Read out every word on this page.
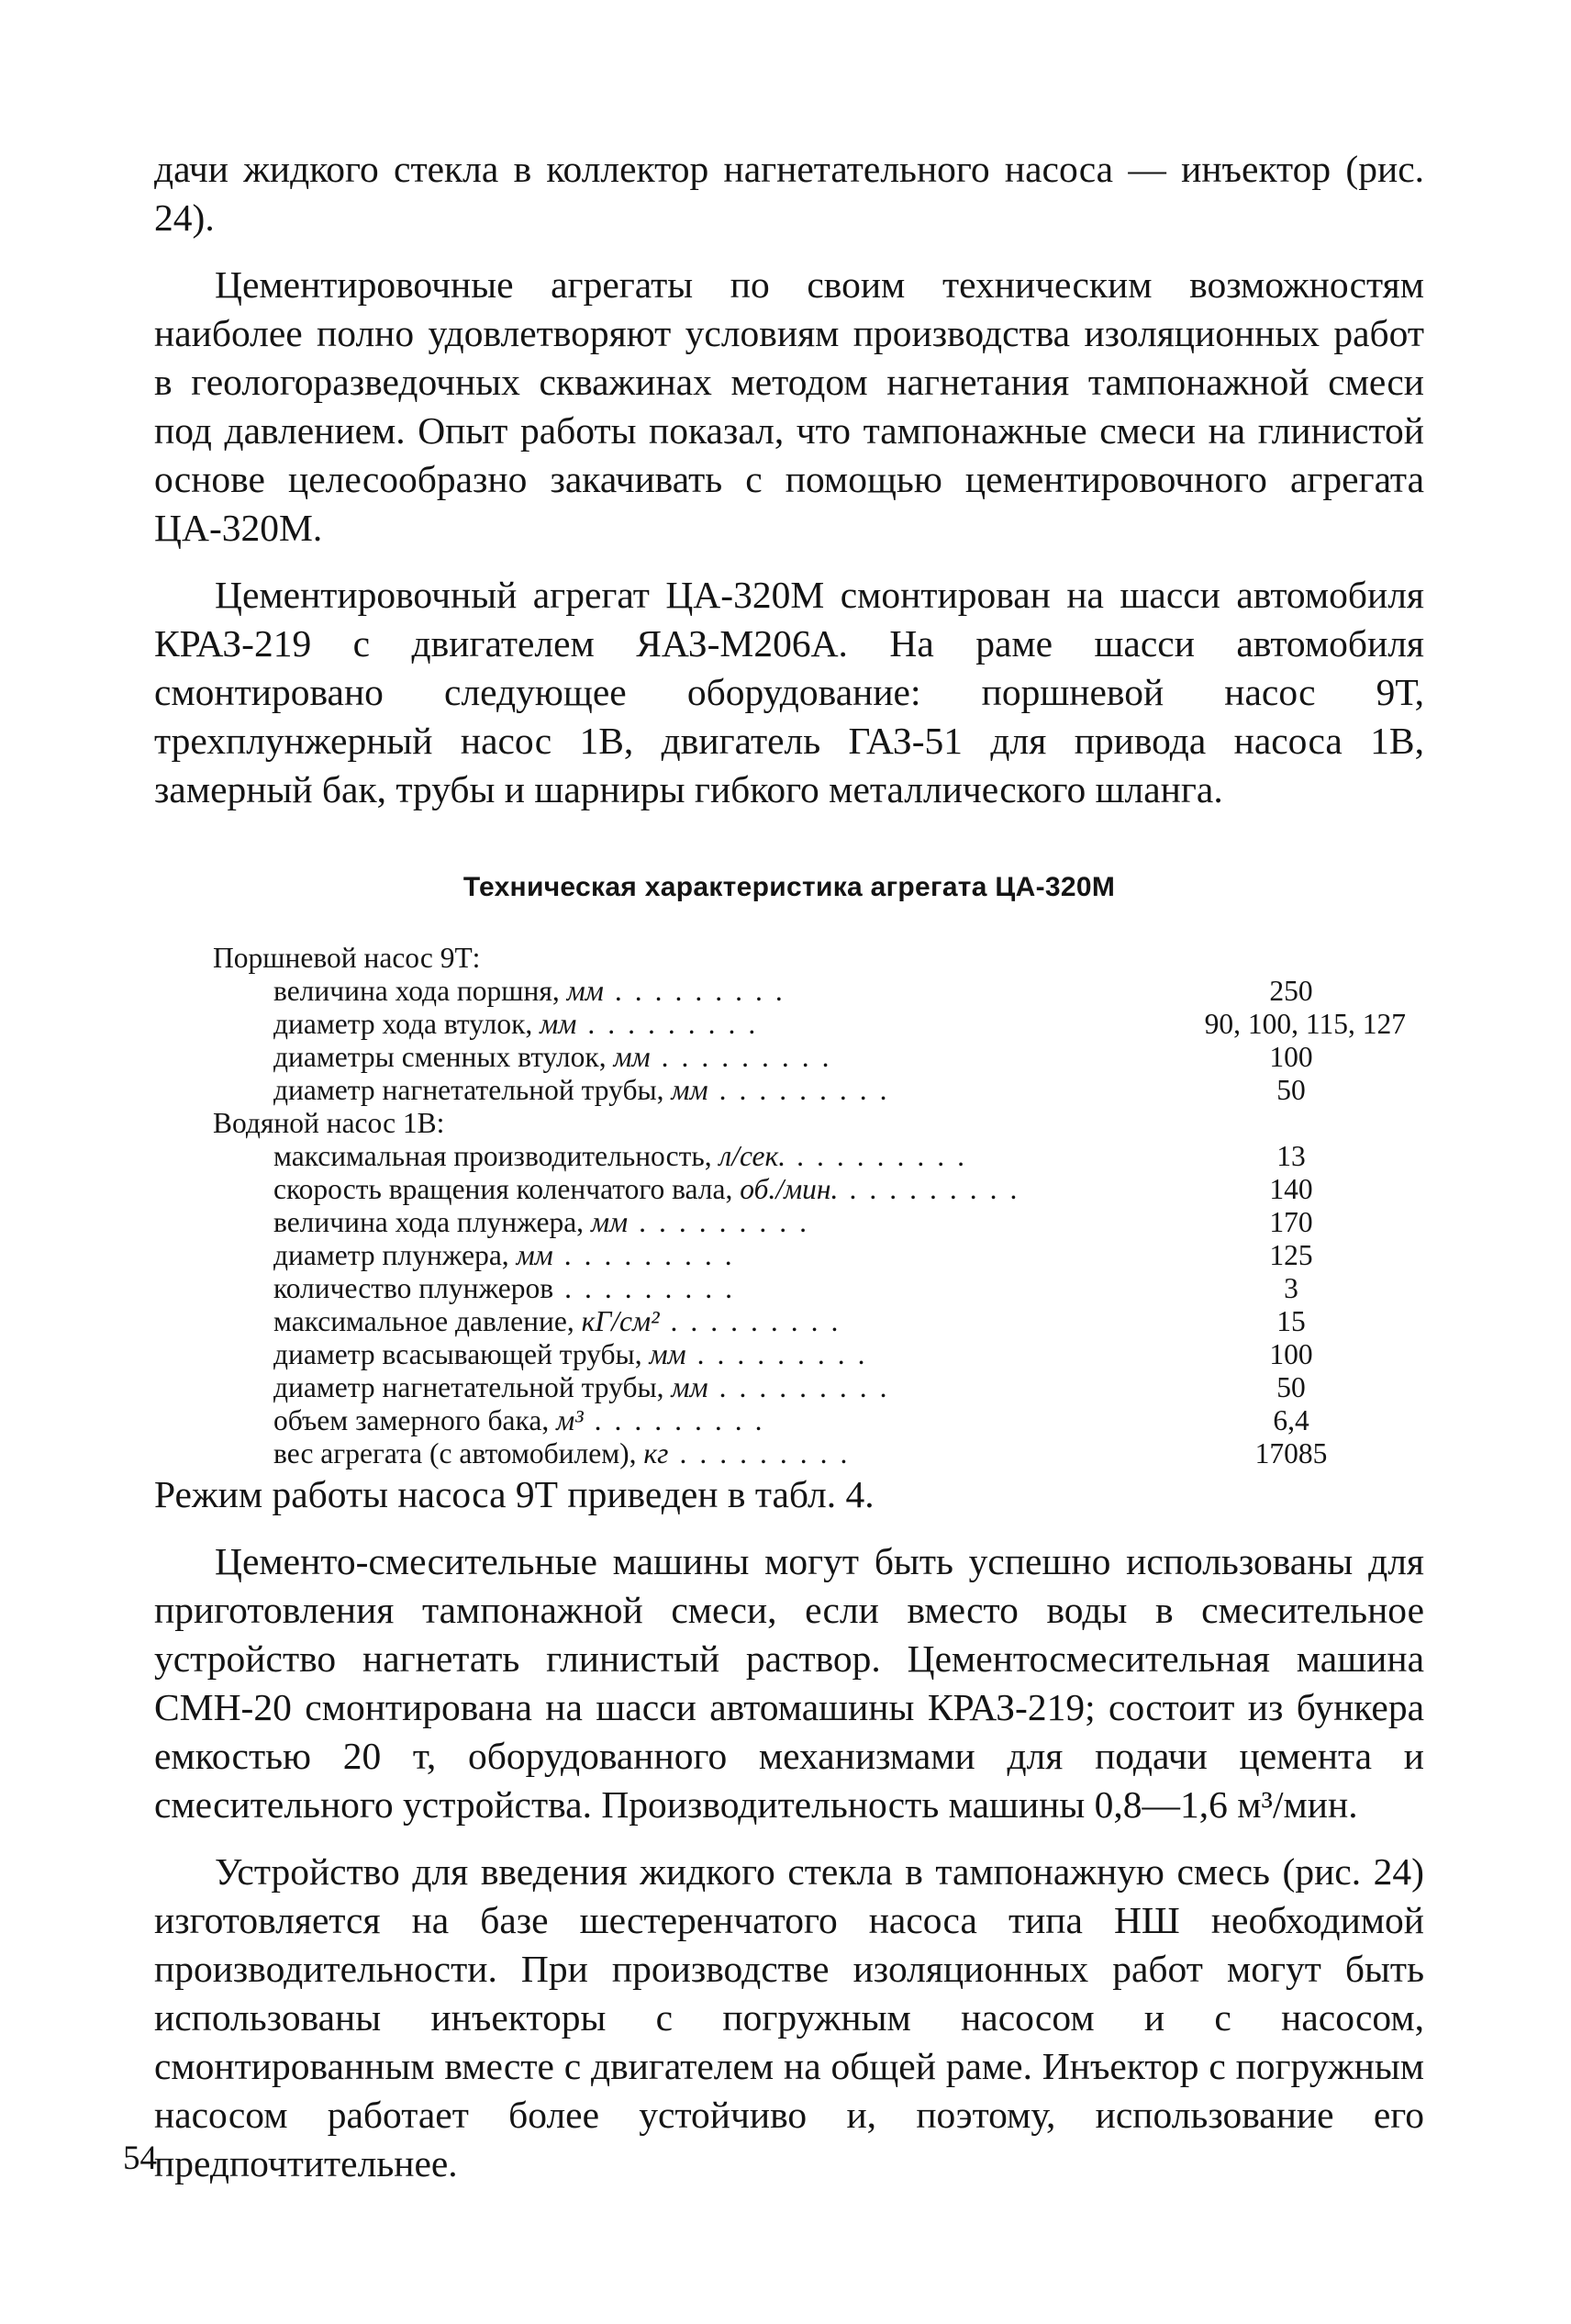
дачи жидкого стекла в коллектор нагнетательного насоса — инъектор (рис. 24).

Цементировочные агрегаты по своим техническим возможностям наиболее полно удовлетворяют условиям производства изоляционных работ в геологоразведочных скважинах методом нагнетания тампонажной смеси под давлением. Опыт работы показал, что тампонажные смеси на глинистой основе целесообразно закачивать с помощью цементировочного агрегата ЦА-320М.

Цементировочный агрегат ЦА-320М смонтирован на шасси автомобиля КРАЗ-219 с двигателем ЯАЗ-М206А. На раме шасси автомобиля смонтировано следующее оборудование: поршневой насос 9Т, трехплунжерный насос 1В, двигатель ГАЗ-51 для привода насоса 1В, замерный бак, трубы и шарниры гибкого металлического шланга.

Техническая характеристика агрегата ЦА-320М
Поршневой насос 9Т:
величина хода поршня, мм .........	250
диаметр хода втулок, мм .........	90, 100, 115, 127
диаметры сменных втулок, мм .........	100
диаметр нагнетательной трубы, мм .........	50
Водяной насос 1В:
максимальная производительность, л/сек. .........	13
скорость вращения коленчатого вала, об./мин. .........	140
величина хода плунжера, мм .........	170
диаметр плунжера, мм .........	125
количество плунжеров .........	3
максимальное давление, кГ/см² .........	15
диаметр всасывающей трубы, мм .........	100
диаметр нагнетательной трубы, мм .........	50
объем замерного бака, м³ .........	6,4
вес агрегата (с автомобилем), кг .........	17085

Режим работы насоса 9Т приведен в табл. 4.

Цементо-смесительные машины могут быть успешно использованы для приготовления тампонажной смеси, если вместо воды в смесительное устройство нагнетать глинистый раствор. Цементосмесительная машина СМН-20 смонтирована на шасси автомашины КРАЗ-219; состоит из бункера емкостью 20 т, оборудованного механизмами для подачи цемента и смесительного устройства. Производительность машины 0,8—1,6 м³/мин.

Устройство для введения жидкого стекла в тампонажную смесь (рис. 24) изготовляется на базе шестеренчатого насоса типа НШ необходимой производительности. При производстве изоляционных работ могут быть использованы инъекторы с погружным насосом и с насосом, смонтированным вместе с двигателем на общей раме. Инъектор с погружным насосом работает более устойчиво и, поэтому, использование его предпочтительнее.

54
